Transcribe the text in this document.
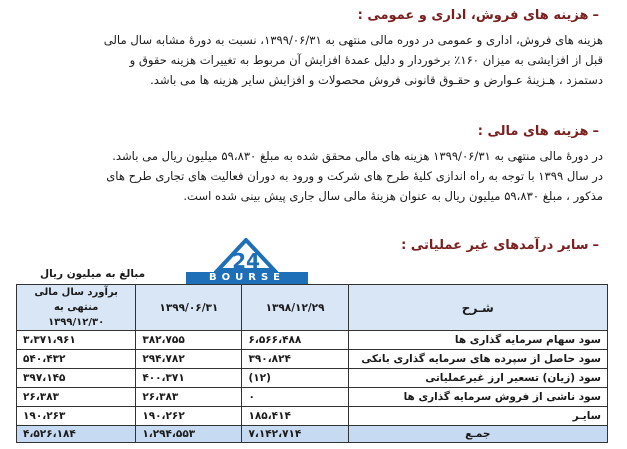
–هزینه های فروش، اداری و عمومی :

هزینه های فروش، اداری و عمومی در دوره مالی منتهی به ۱۳۹۹/۰۶/۳۱، نسبت به دورهٔ مشابه سال مالی

قبل از افزایشی به میزان ۱۶۰٪ برخوردار و دلیل عمدهٔ افزایش آن مربوط به تغییرات هزینه حقوق و

دستمزد ، هـزینهٔ عـوارض و حقـوق قانونی فروش محصولات و افزایش سایر هزینه ها می باشد.

–هزینه های مالی :

در دورهٔ مالی منتهی به ۱۳۹۹/۰۶/۳۱ هزینه های مالی محقق شده به مبلغ ۵۹،۸۳۰ میلیون ریال می باشد.

در سال ۱۳۹۹ با توجه به راه اندازی کلیهٔ طرح های شرکت و ورود به دوران فعالیت های تجاری طرح های

مذکور ، مبلغ ۵۹،۸۳۰ میلیون ریال به عنوان هزینهٔ مالی سال جاری پیش بینی شده است.

–سایر درآمدهای غیر عملیاتی :
24
BOURSE
مبالغ به میلیون ریال
شـرح	۱۳۹۸/۱۲/۲۹	۱۳۹۹/۰۶/۳۱	برآورد سال مالی منتهی به
۱۳۹۹/۱۲/۳۰
سود سهام سرمایه گذاری ها	۶،۵۶۶،۴۸۸	۳۸۲،۷۵۵	۳،۳۷۱،۹۶۱
سود حاصل از سپرده های سرمایه گذاری بانکی	۳۹۰،۸۲۴	۲۹۴،۷۸۲	۵۴۰،۴۳۲
سود (زیان) تسعیر ارز غیرعملیاتی	(۱۲)	۴۰۰،۳۷۱	۳۹۷،۱۴۵
سود ناشی از فروش سرمایه گذاری ها	٠	۲۶،۳۸۳	۲۶،۳۸۳
سایـر	۱۸۵،۴۱۴	۱۹۰،۲۶۲	۱۹۰،۲۶۳
جمـع	۷،۱۴۲،۷۱۴	۱،۲۹۴،۵۵۳	۴،۵۲۶،۱۸۴
